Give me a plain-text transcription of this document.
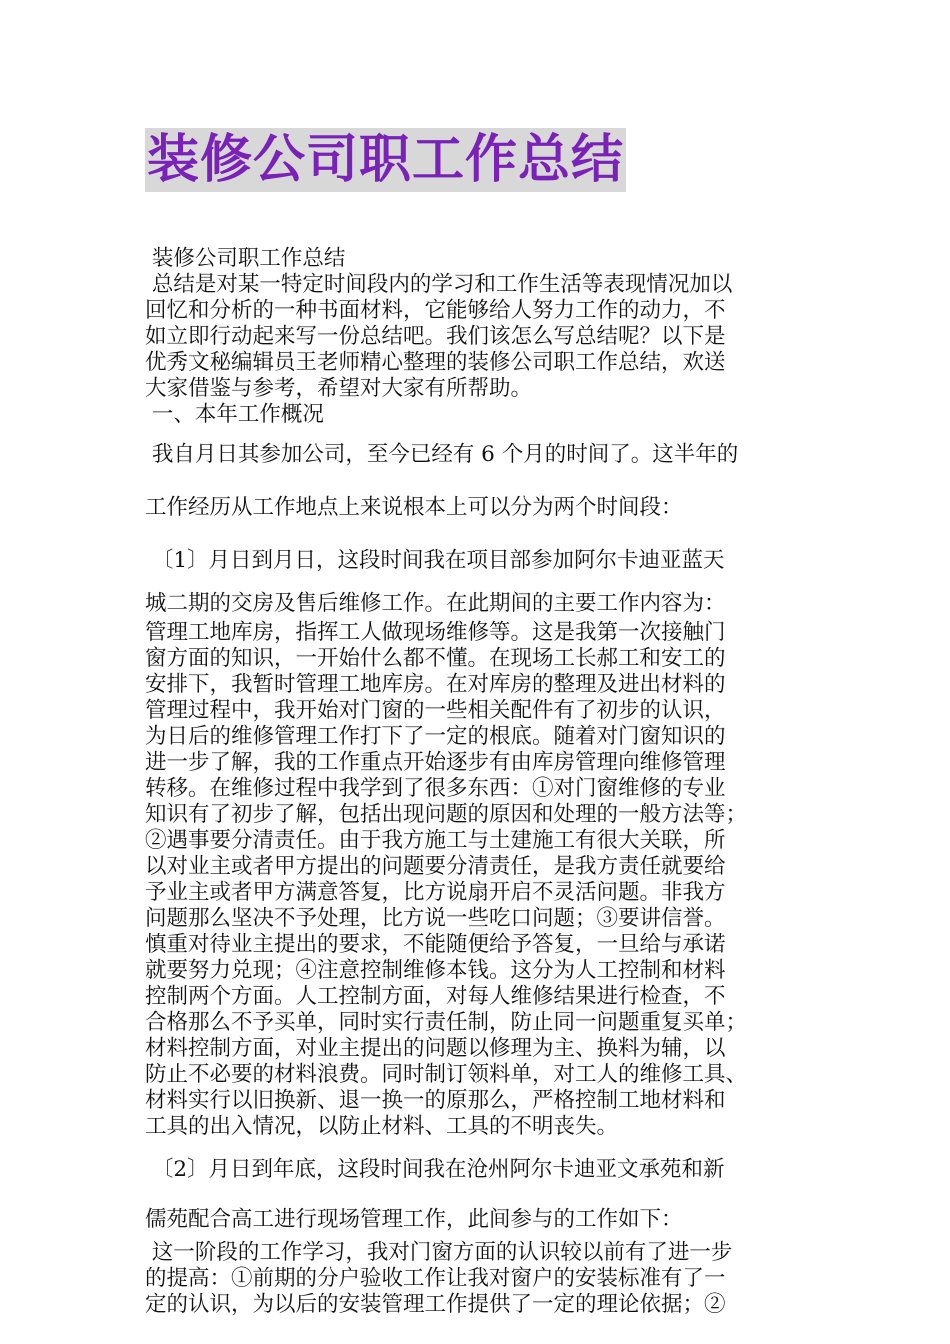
装修公司职工作总结
装修公司职工作总结
总结是对某一特定时间段内的学习和工作生活等表现情况加以
回忆和分析的一种书面材料，它能够给人努力工作的动力，不
如立即行动起来写一份总结吧。我们该怎么写总结呢？以下是
优秀文秘编辑员王老师精心整理的装修公司职工作总结，欢送
大家借鉴与参考，希望对大家有所帮助。
一、本年工作概况
我自月日其参加公司，至今已经有 6 个月的时间了。这半年的
工作经历从工作地点上来说根本上可以分为两个时间段：
〔1〕月日到月日，这段时间我在项目部参加阿尔卡迪亚蓝天
城二期的交房及售后维修工作。在此期间的主要工作内容为：
管理工地库房，指挥工人做现场维修等。这是我第一次接触门
窗方面的知识，一开始什么都不懂。在现场工长郝工和安工的
安排下，我暂时管理工地库房。在对库房的整理及进出材料的
管理过程中，我开始对门窗的一些相关配件有了初步的认识，
为日后的维修管理工作打下了一定的根底。随着对门窗知识的
进一步了解，我的工作重点开始逐步有由库房管理向维修管理
转移。在维修过程中我学到了很多东西：①对门窗维修的专业
知识有了初步了解，包括出现问题的原因和处理的一般方法等；
②遇事要分清责任。由于我方施工与土建施工有很大关联，所
以对业主或者甲方提出的问题要分清责任，是我方责任就要给
予业主或者甲方满意答复，比方说扇开启不灵活问题。非我方
问题那么坚决不予处理，比方说一些吃口问题；③要讲信誉。
慎重对待业主提出的要求，不能随便给予答复，一旦给与承诺
就要努力兑现；④注意控制维修本钱。这分为人工控制和材料
控制两个方面。人工控制方面，对每人维修结果进行检查，不
合格那么不予买单，同时实行责任制，防止同一问题重复买单；
材料控制方面，对业主提出的问题以修理为主、换料为辅，以
防止不必要的材料浪费。同时制订领料单，对工人的维修工具、
材料实行以旧换新、退一换一的原那么，严格控制工地材料和
工具的出入情况，以防止材料、工具的不明丧失。
〔2〕月日到年底，这段时间我在沧州阿尔卡迪亚文承苑和新
儒苑配合高工进行现场管理工作，此间参与的工作如下：
这一阶段的工作学习，我对门窗方面的认识较以前有了进一步
的提高：①前期的分户验收工作让我对窗户的安装标准有了一
定的认识，为以后的安装管理工作提供了一定的理论依据；②
